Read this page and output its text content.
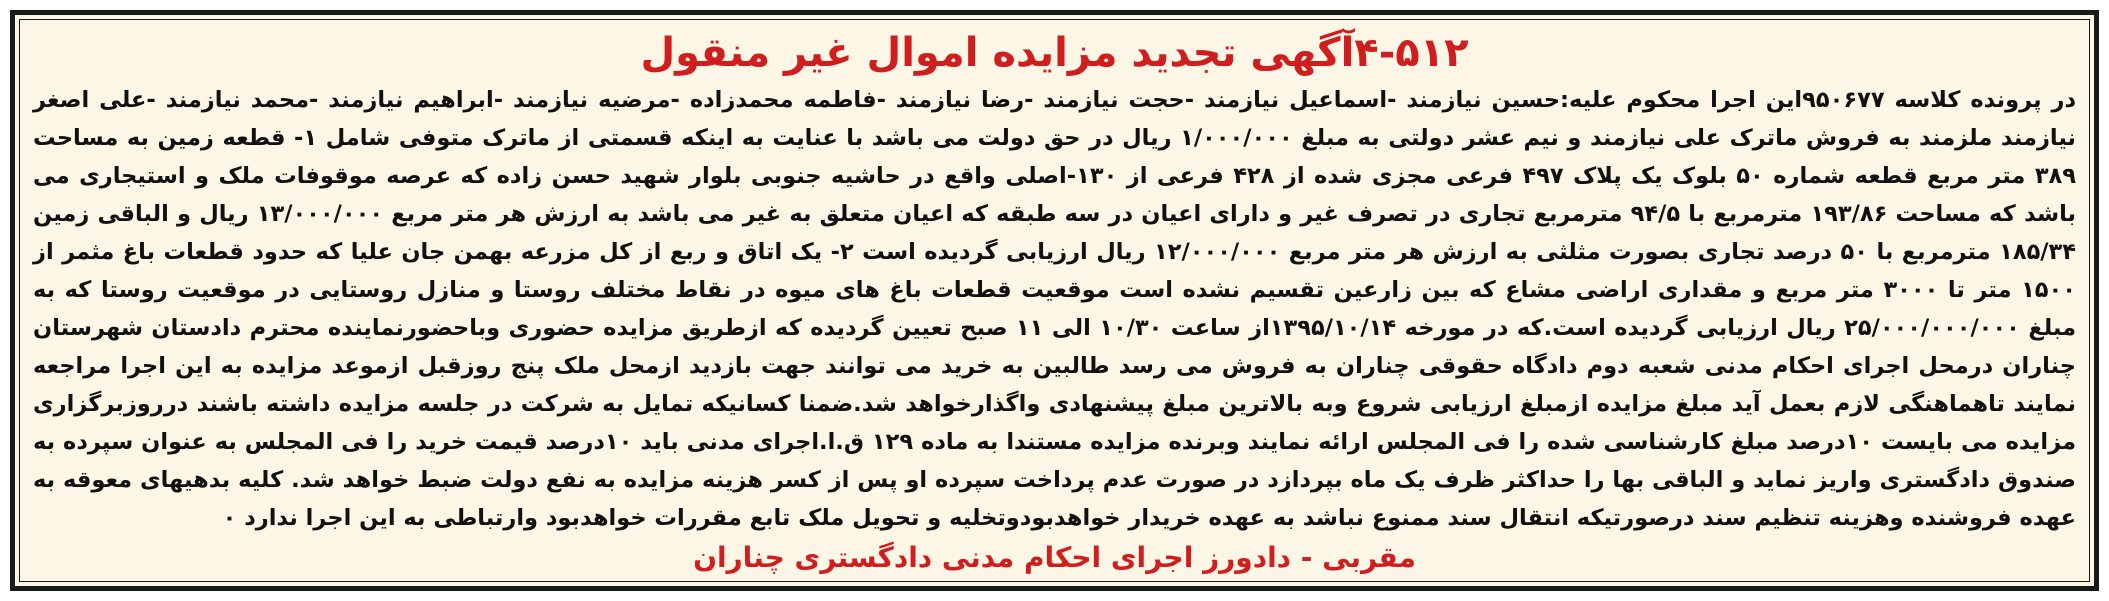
۴-۵۱۲آگهی تجدید مزایده اموال غیر منقول

در پرونده کلاسه ۹۵۰۶۷۷این اجرا محکوم علیه:حسین نیازمند -اسماعیل نیازمند -حجت نیازمند -رضا نیازمند -فاطمه محمدزاده -مرضیه نیازمند -ابراهیم نیازمند -محمد نیازمند -علی اصغر نیازمند ملزمند به فروش ماترک علی نیازمند و نیم عشر دولتی به مبلغ ۱/۰۰۰/۰۰۰ ریال در حق دولت می باشد با عنایت به اینکه قسمتی از ماترک متوفی شامل ۱- قطعه زمین به مساحت ۳۸۹ متر مربع قطعه شماره ۵۰ بلوک یک پلاک ۴۹۷ فرعی مجزی شده از ۴۲۸ فرعی از ۱۳۰-اصلی واقع در حاشیه جنوبی بلوار شهید حسن زاده که عرصه موقوفات ملک و استیجاری می باشد که مساحت ۱۹۳/۸۶ مترمربع با ۹۴/۵ مترمربع تجاری در تصرف غیر و دارای اعیان در سه طبقه که اعیان متعلق به غیر می باشد به ارزش هر متر مربع ۱۳/۰۰۰/۰۰۰ ریال و الباقی زمین ۱۸۵/۳۴ مترمربع با ۵۰ درصد تجاری بصورت مثلثی به ارزش هر متر مربع ۱۲/۰۰۰/۰۰۰ ریال ارزیابی گردیده است ۲- یک اتاق و ربع از کل مزرعه بهمن جان علیا که حدود قطعات باغ مثمر از ۱۵۰۰ متر تا ۳۰۰۰ متر مربع و مقداری اراضی مشاع که بین زارعین تقسیم نشده است موقعیت قطعات باغ های میوه در نقاط مختلف روستا و منازل روستایی در موقعیت روستا که به مبلغ ۲۵/۰۰۰/۰۰۰/۰۰۰ ریال ارزیابی گردیده است.که در مورخه ۱۳۹۵/۱۰/۱۴از ساعت ۱۰/۳۰ الی ۱۱ صبح تعیین گردیده که ازطریق مزایده حضوری وباحضورنماینده محترم دادستان شهرستان چناران درمحل اجرای احکام مدنی شعبه دوم دادگاه حقوقی چناران به فروش می رسد طالبین به خرید می توانند جهت بازدید ازمحل ملک پنج روزقبل ازموعد مزایده به این اجرا مراجعه نمایند تاهماهنگی لازم بعمل آید مبلغ مزایده ازمبلغ ارزیابی شروع وبه بالاترین مبلغ پیشنهادی واگذارخواهد شد.ضمنا کسانیکه تمایل به شرکت در جلسه مزایده داشته باشند درروزبرگزاری مزایده می بایست ۱۰درصد مبلغ کارشناسی شده را فی المجلس ارائه نمایند وبرنده مزایده مستندا به ماده ۱۲۹ ق.ا.اجرای مدنی باید ۱۰درصد قیمت خرید را فی المجلس به عنوان سپرده به صندوق دادگستری واریز نماید و الباقی بها را حداکثر ظرف یک ماه بپردازد در صورت عدم پرداخت سپرده او پس از کسر هزینه مزایده به نفع دولت ضبط خواهد شد. کلیه بدهیهای معوقه به عهده فروشنده وهزینه تنظیم سند درصورتیکه انتقال سند ممنوع نباشد به عهده خریدار خواهدبودوتخلیه و تحویل ملک تابع مقررات خواهدبود وارتباطی به این اجرا ندارد ۰

مقربی - دادورز اجرای احکام مدنی دادگستری چناران
